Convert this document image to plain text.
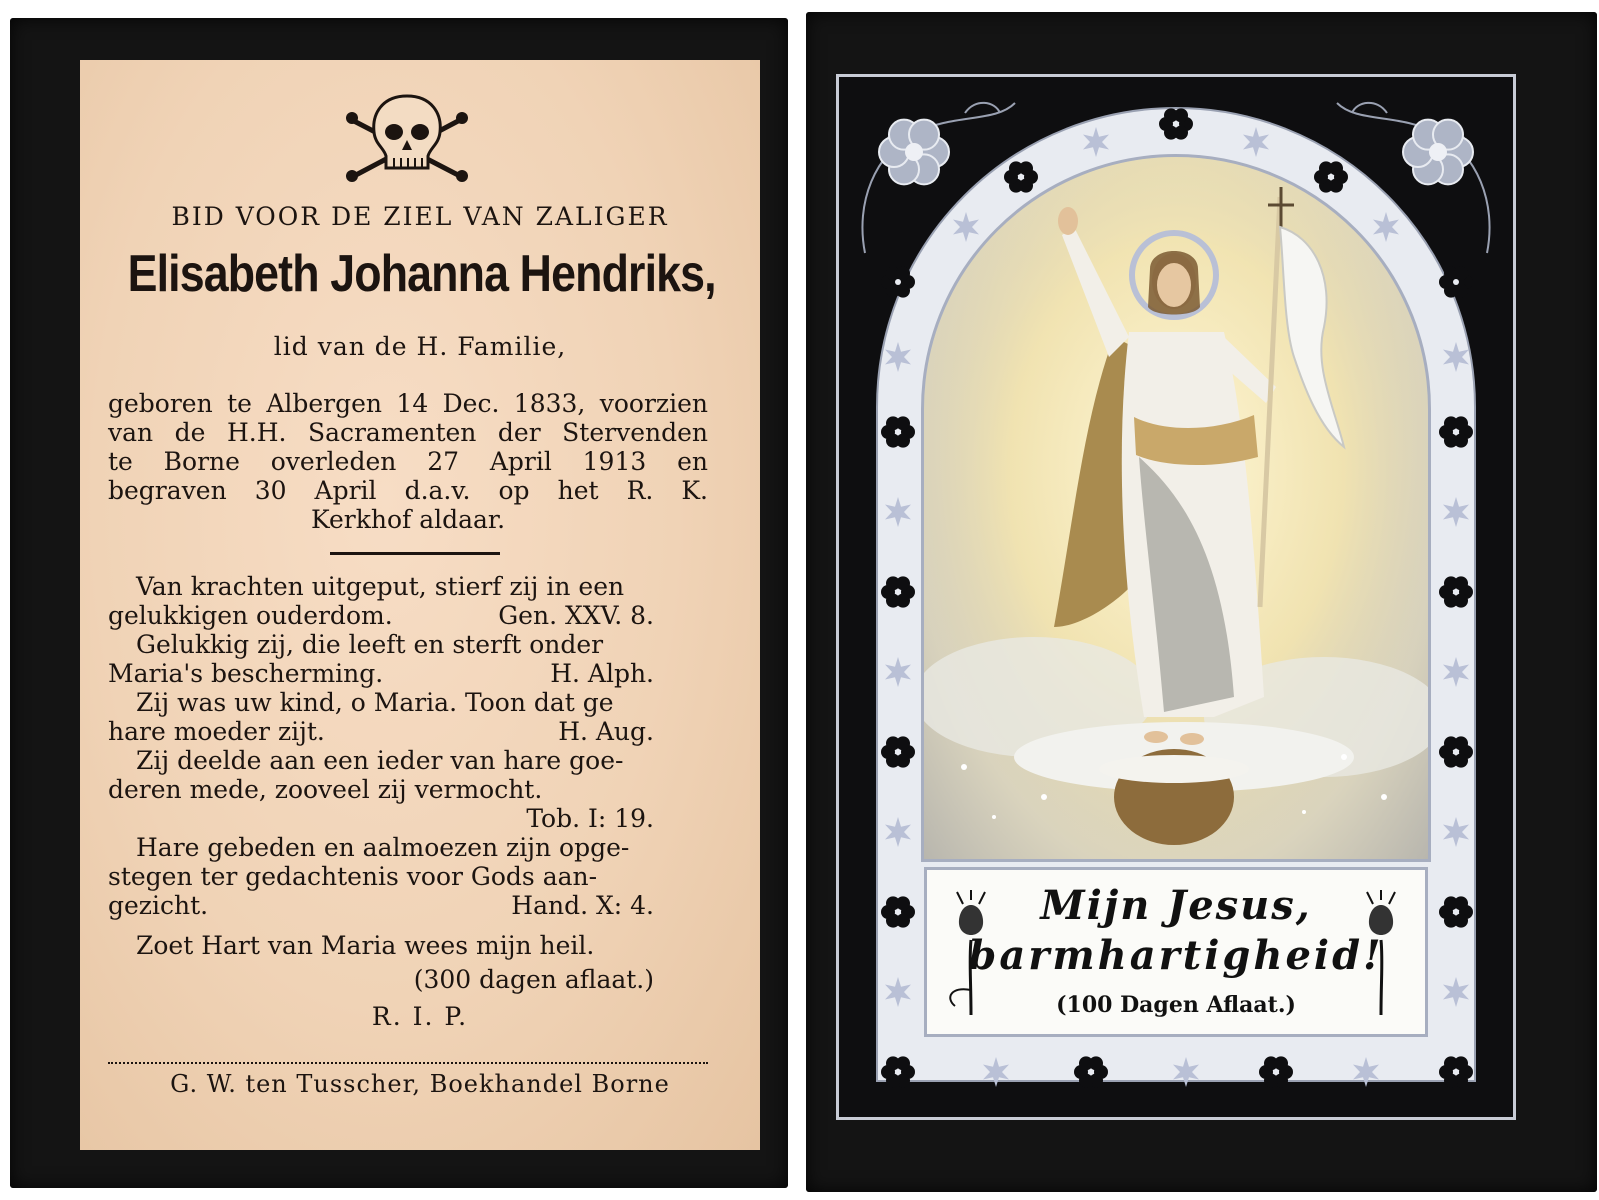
BID VOOR DE ZIEL VAN ZALIGER
Elisabeth Johanna Hendriks,
lid van de H. Familie,
geboren te Albergen 14 Dec. 1833, voorzien
van de H.H. Sacramenten der Stervenden
te Borne overleden 27 April 1913 en
begraven 30 April d.a.v. op het R. K.
Kerkhof aldaar.
Van krachten uitgeput, stierf zij in een
gelukkigen ouderdom.	Gen. XXV. 8.
Gelukkig zij, die leeft en sterft onder
Maria's bescherming.	H. Alph.
Zij was uw kind, o Maria. Toon dat ge
hare moeder zijt.	H. Aug.
Zij deelde aan een ieder van hare goe-
deren mede, zooveel zij vermocht.
Tob. I: 19.
Hare gebeden en aalmoezen zijn opge-
stegen ter gedachtenis voor Gods aan-
gezicht.	Hand. X: 4.
Zoet Hart van Maria wees mijn heil.
(300 dagen aflaat.)
R. I. P.
G. W. ten Tusscher, Boekhandel Borne
Mijn Jesus,
barmhartigheid!
(100 Dagen Aflaat.)
